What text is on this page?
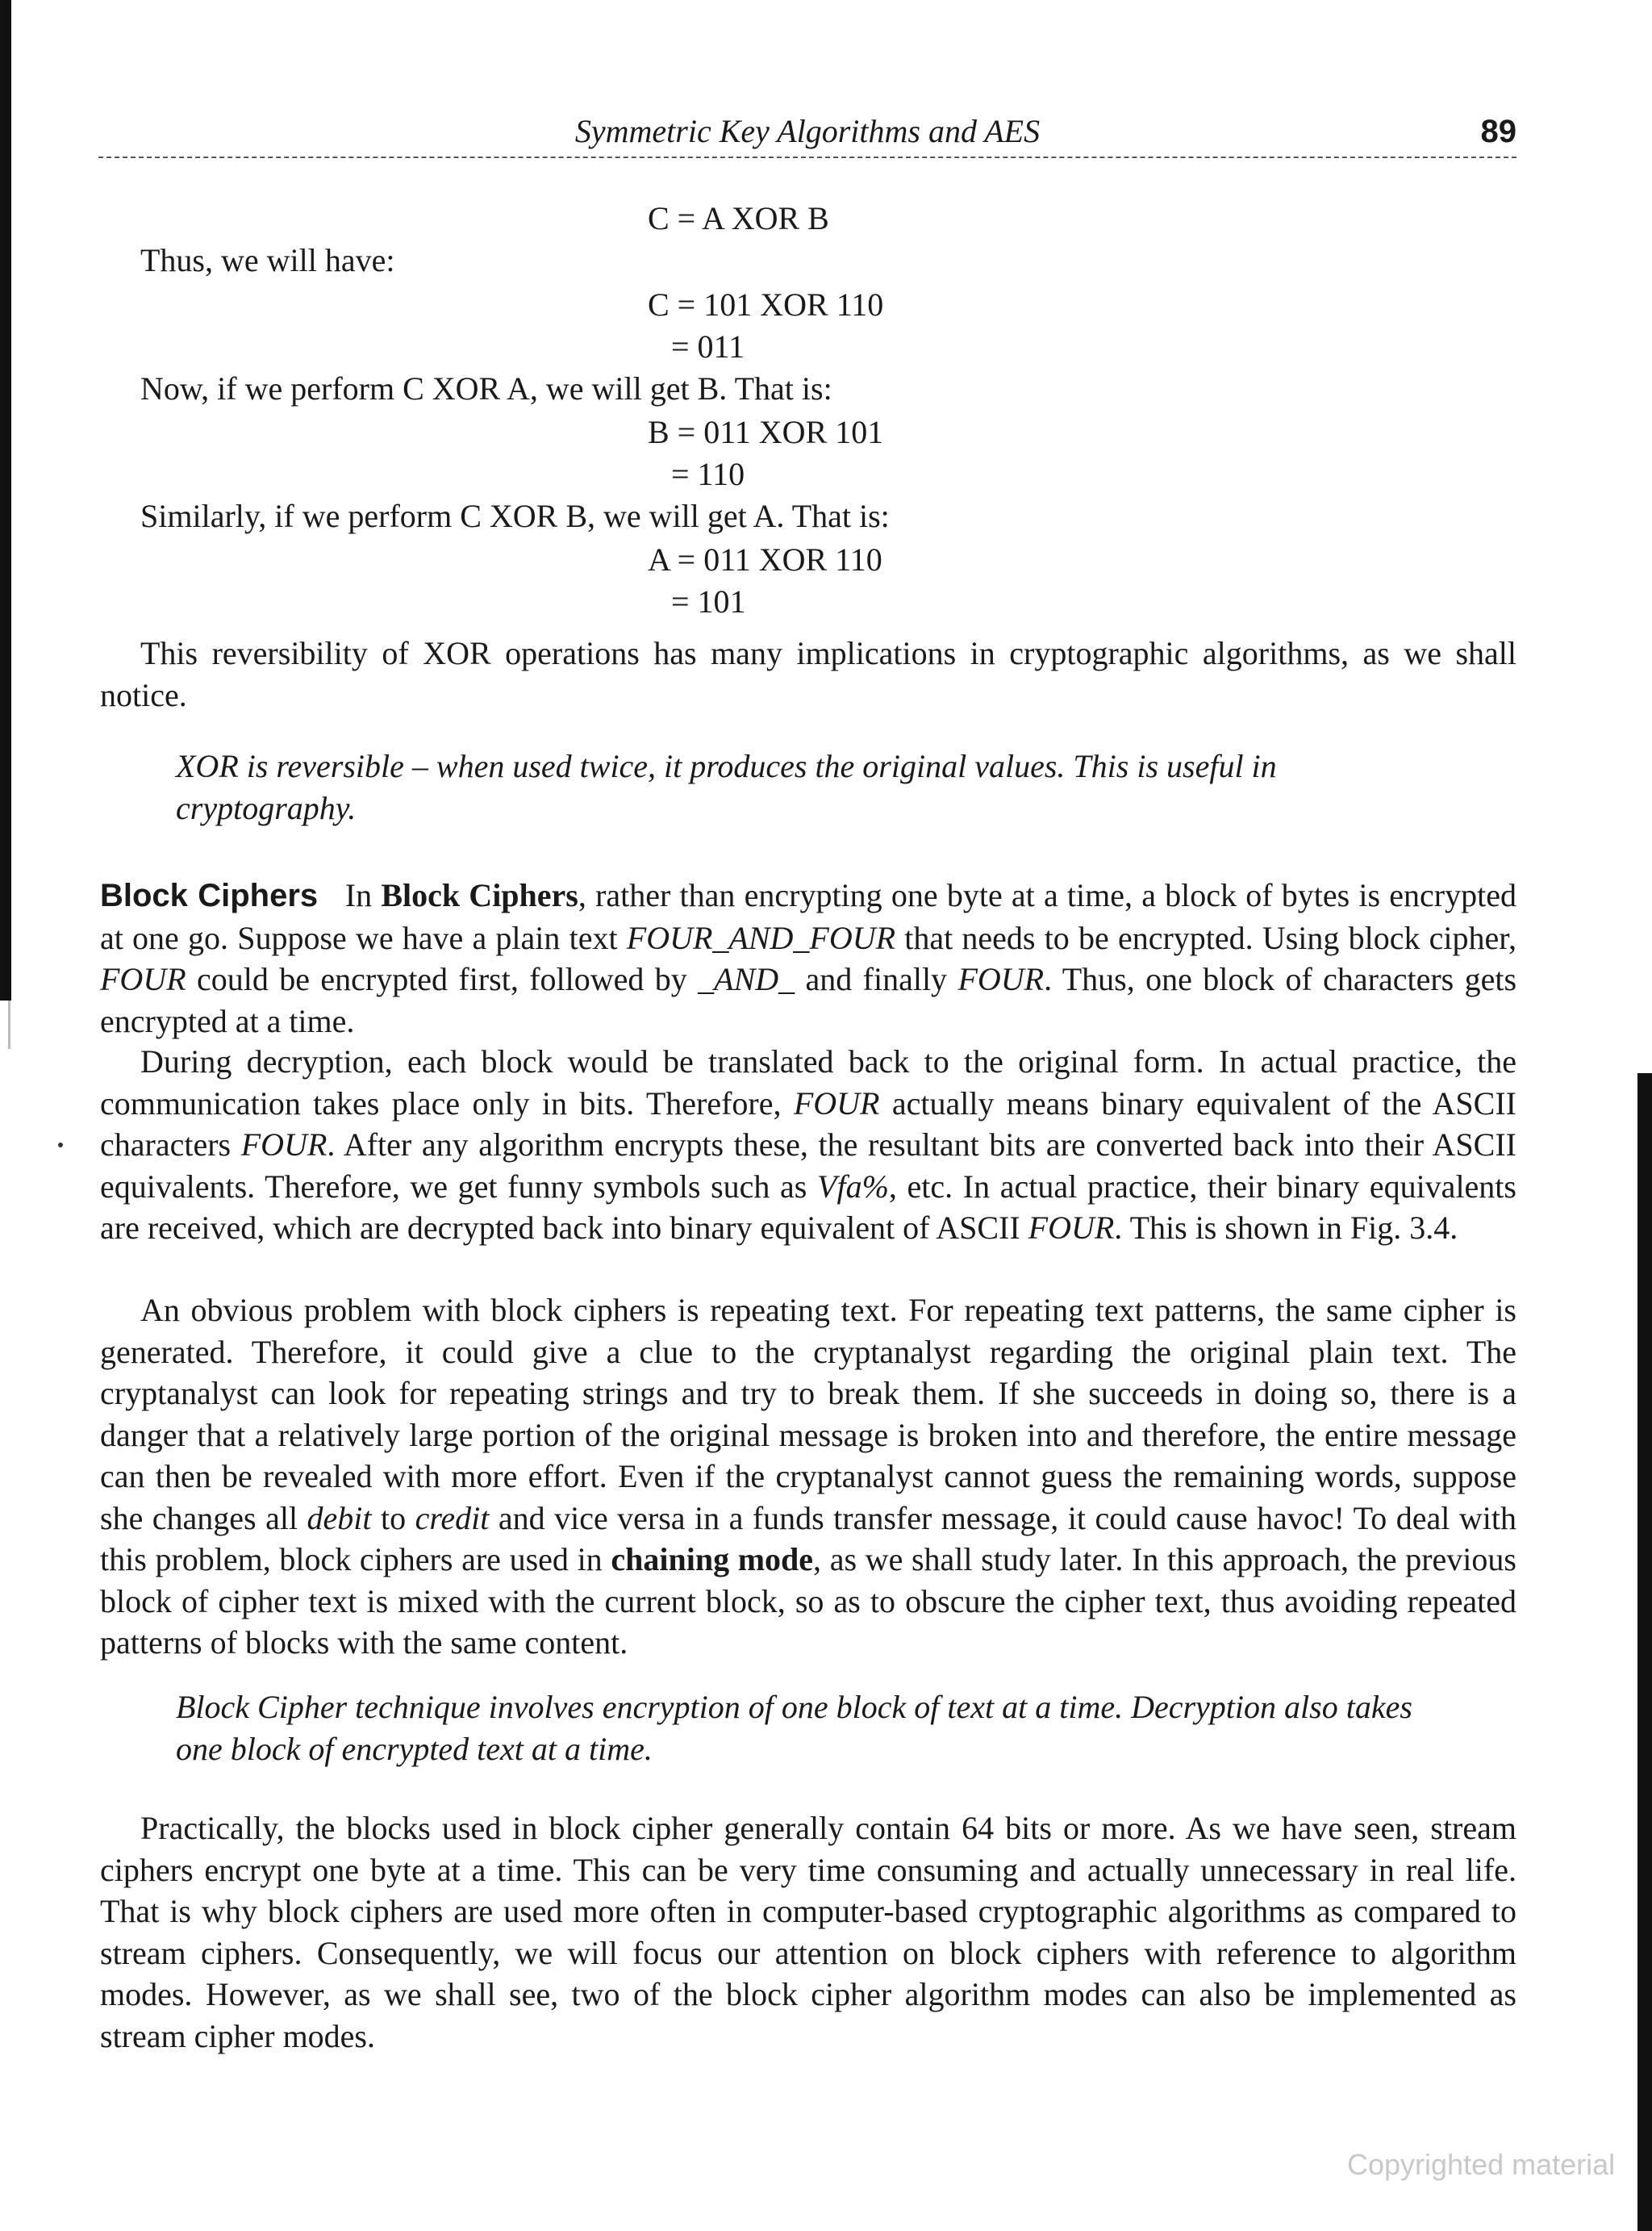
Symmetric Key Algorithms and AES	89
C = A XOR B
Thus, we will have:
C = 101 XOR 110
= 011
Now, if we perform C XOR A, we will get B. That is:
B = 011 XOR 101
= 110
Similarly, if we perform C XOR B, we will get A. That is:
A = 011 XOR 110
= 101
This reversibility of XOR operations has many implications in cryptographic algorithms, as we shall notice.
XOR is reversible – when used twice, it produces the original values. This is useful in cryptography.
Block Ciphers In Block Ciphers, rather than encrypting one byte at a time, a block of bytes is encrypted at one go. Suppose we have a plain text FOUR_AND_FOUR that needs to be encrypted. Using block cipher, FOUR could be encrypted first, followed by _AND_ and finally FOUR. Thus, one block of characters gets encrypted at a time.
During decryption, each block would be translated back to the original form. In actual practice, the communication takes place only in bits. Therefore, FOUR actually means binary equivalent of the ASCII characters FOUR. After any algorithm encrypts these, the resultant bits are converted back into their ASCII equivalents. Therefore, we get funny symbols such as Vfa%, etc. In actual practice, their binary equivalents are received, which are decrypted back into binary equivalent of ASCII FOUR. This is shown in Fig. 3.4.
An obvious problem with block ciphers is repeating text. For repeating text patterns, the same cipher is generated. Therefore, it could give a clue to the cryptanalyst regarding the original plain text. The cryptanalyst can look for repeating strings and try to break them. If she succeeds in doing so, there is a danger that a relatively large portion of the original message is broken into and therefore, the entire message can then be revealed with more effort. Even if the cryptanalyst cannot guess the remaining words, suppose she changes all debit to credit and vice versa in a funds transfer message, it could cause havoc! To deal with this problem, block ciphers are used in chaining mode, as we shall study later. In this approach, the previous block of cipher text is mixed with the current block, so as to obscure the cipher text, thus avoiding repeated patterns of blocks with the same content.
Block Cipher technique involves encryption of one block of text at a time. Decryption also takes one block of encrypted text at a time.
Practically, the blocks used in block cipher generally contain 64 bits or more. As we have seen, stream ciphers encrypt one byte at a time. This can be very time consuming and actually unnecessary in real life. That is why block ciphers are used more often in computer-based cryptographic algorithms as compared to stream ciphers. Consequently, we will focus our attention on block ciphers with reference to algorithm modes. However, as we shall see, two of the block cipher algorithm modes can also be implemented as stream cipher modes.
Copyrighted material
